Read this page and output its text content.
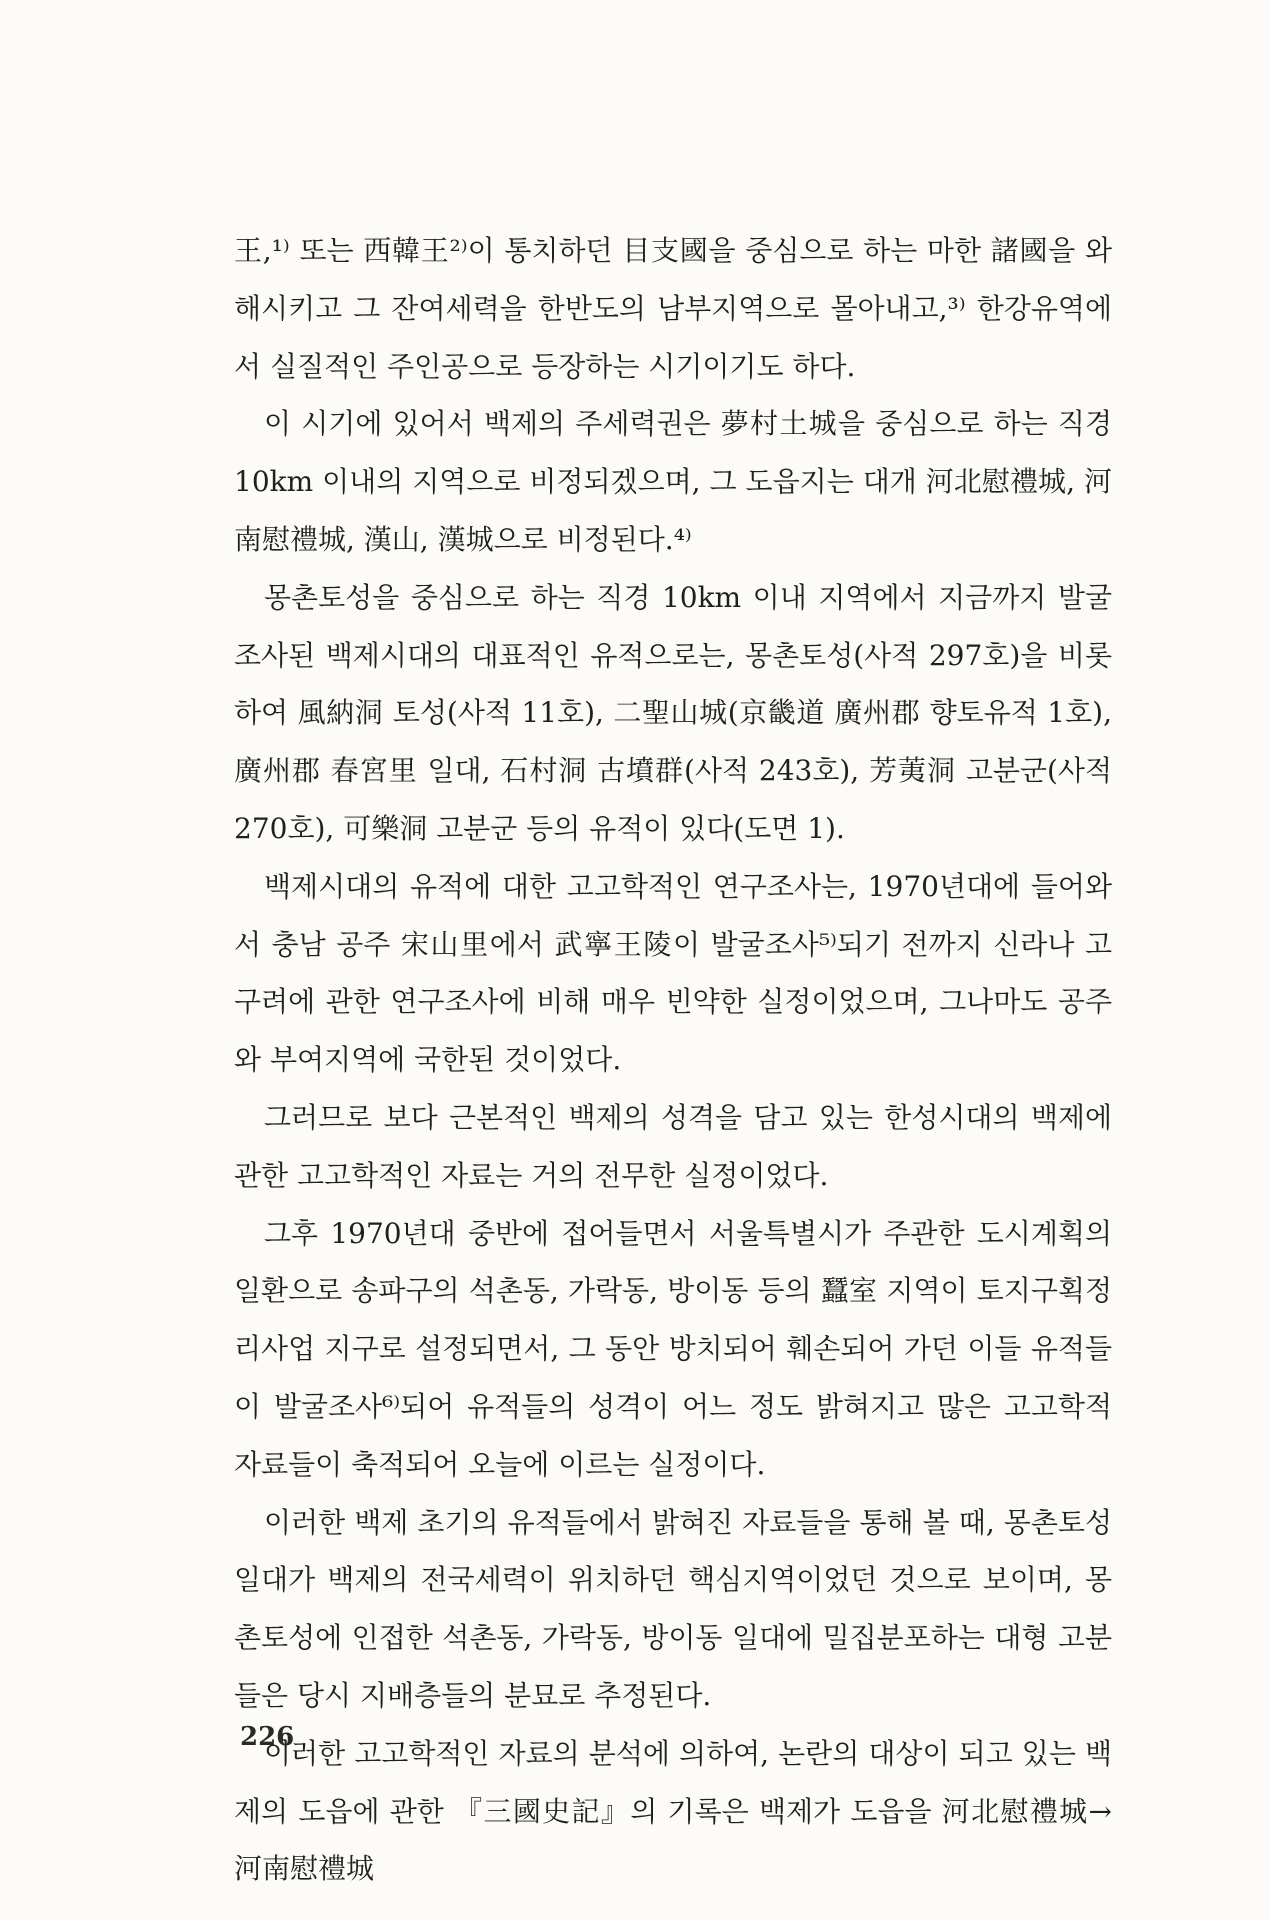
王,¹⁾ 또는 西韓王²⁾이 통치하던 目支國을 중심으로 하는 마한 諸國을 와해시키고 그 잔여세력을 한반도의 남부지역으로 몰아내고,³⁾ 한강유역에서 실질적인 주인공으로 등장하는 시기이기도 하다.

이 시기에 있어서 백제의 주세력권은 夢村土城을 중심으로 하는 직경 10km 이내의 지역으로 비정되겠으며, 그 도읍지는 대개 河北慰禮城, 河南慰禮城, 漢山, 漢城으로 비정된다.⁴⁾

몽촌토성을 중심으로 하는 직경 10km 이내 지역에서 지금까지 발굴조사된 백제시대의 대표적인 유적으로는, 몽촌토성(사적 297호)을 비롯하여 風納洞 토성(사적 11호), 二聖山城(京畿道 廣州郡 향토유적 1호), 廣州郡 春宮里 일대, 石村洞 古墳群(사적 243호), 芳荑洞 고분군(사적 270호), 可樂洞 고분군 등의 유적이 있다(도면 1).

백제시대의 유적에 대한 고고학적인 연구조사는, 1970년대에 들어와서 충남 공주 宋山里에서 武寧王陵이 발굴조사⁵⁾되기 전까지 신라나 고구려에 관한 연구조사에 비해 매우 빈약한 실정이었으며, 그나마도 공주와 부여지역에 국한된 것이었다.

그러므로 보다 근본적인 백제의 성격을 담고 있는 한성시대의 백제에 관한 고고학적인 자료는 거의 전무한 실정이었다.

그후 1970년대 중반에 접어들면서 서울특별시가 주관한 도시계획의 일환으로 송파구의 석촌동, 가락동, 방이동 등의 蠶室 지역이 토지구획정리사업 지구로 설정되면서, 그 동안 방치되어 훼손되어 가던 이들 유적들이 발굴조사⁶⁾되어 유적들의 성격이 어느 정도 밝혀지고 많은 고고학적 자료들이 축적되어 오늘에 이르는 실정이다.

이러한 백제 초기의 유적들에서 밝혀진 자료들을 통해 볼 때, 몽촌토성 일대가 백제의 전국세력이 위치하던 핵심지역이었던 것으로 보이며, 몽촌토성에 인접한 석촌동, 가락동, 방이동 일대에 밀집분포하는 대형 고분들은 당시 지배층들의 분묘로 추정된다.

이러한 고고학적인 자료의 분석에 의하여, 논란의 대상이 되고 있는 백제의 도읍에 관한 『三國史記』의 기록은 백제가 도읍을 河北慰禮城→河南慰禮城

226
